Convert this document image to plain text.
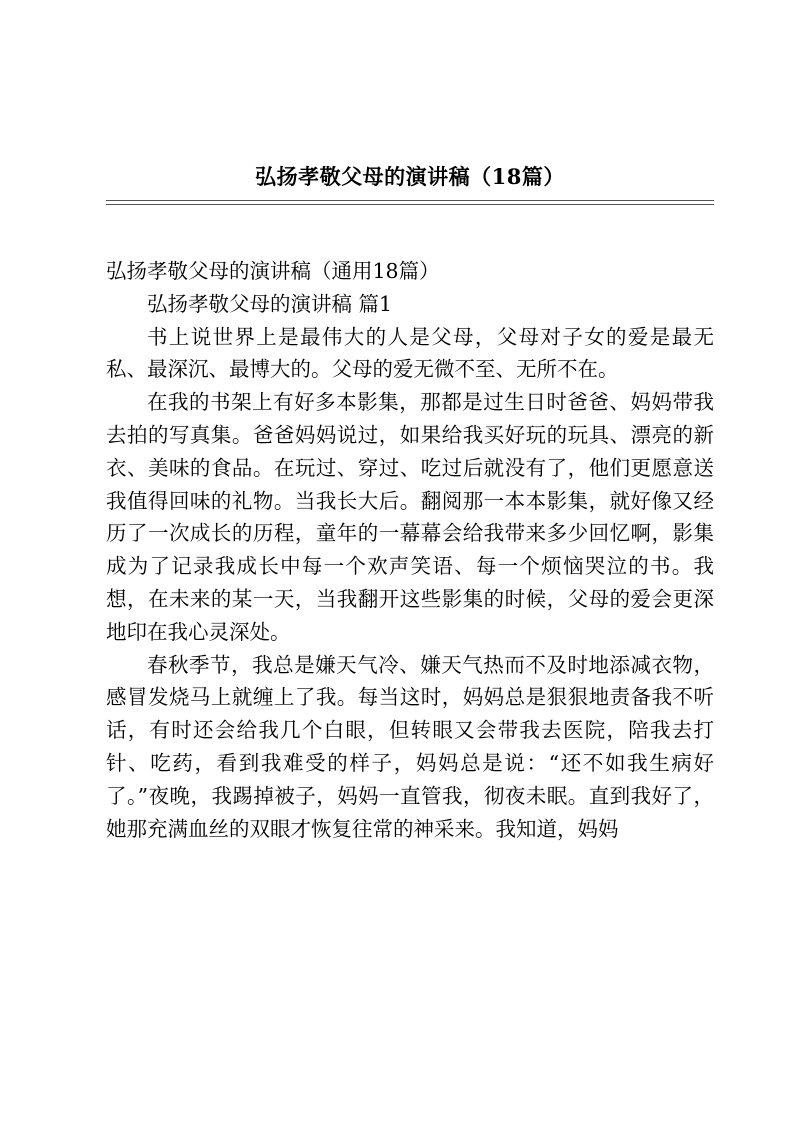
弘扬孝敬父母的演讲稿（18篇）

弘扬孝敬父母的演讲稿（通用18篇）

弘扬孝敬父母的演讲稿 篇1

书上说世界上是最伟大的人是父母，父母对子女的爱是最无私、最深沉、最博大的。父母的爱无微不至、无所不在。

在我的书架上有好多本影集，那都是过生日时爸爸、妈妈带我去拍的写真集。爸爸妈妈说过，如果给我买好玩的玩具、漂亮的新衣、美味的食品。在玩过、穿过、吃过后就没有了，他们更愿意送我值得回味的礼物。当我长大后。翻阅那一本本影集，就好像又经历了一次成长的历程，童年的一幕幕会给我带来多少回忆啊，影集成为了记录我成长中每一个欢声笑语、每一个烦恼哭泣的书。我想，在未来的某一天，当我翻开这些影集的时候，父母的爱会更深地印在我心灵深处。

春秋季节，我总是嫌天气冷、嫌天气热而不及时地添减衣物，感冒发烧马上就缠上了我。每当这时，妈妈总是狠狠地责备我不听话，有时还会给我几个白眼，但转眼又会带我去医院，陪我去打针、吃药，看到我难受的样子，妈妈总是说：“还不如我生病好了。”夜晚，我踢掉被子，妈妈一直管我，彻夜未眠。直到我好了，她那充满血丝的双眼才恢复往常的神采来。我知道，妈妈
